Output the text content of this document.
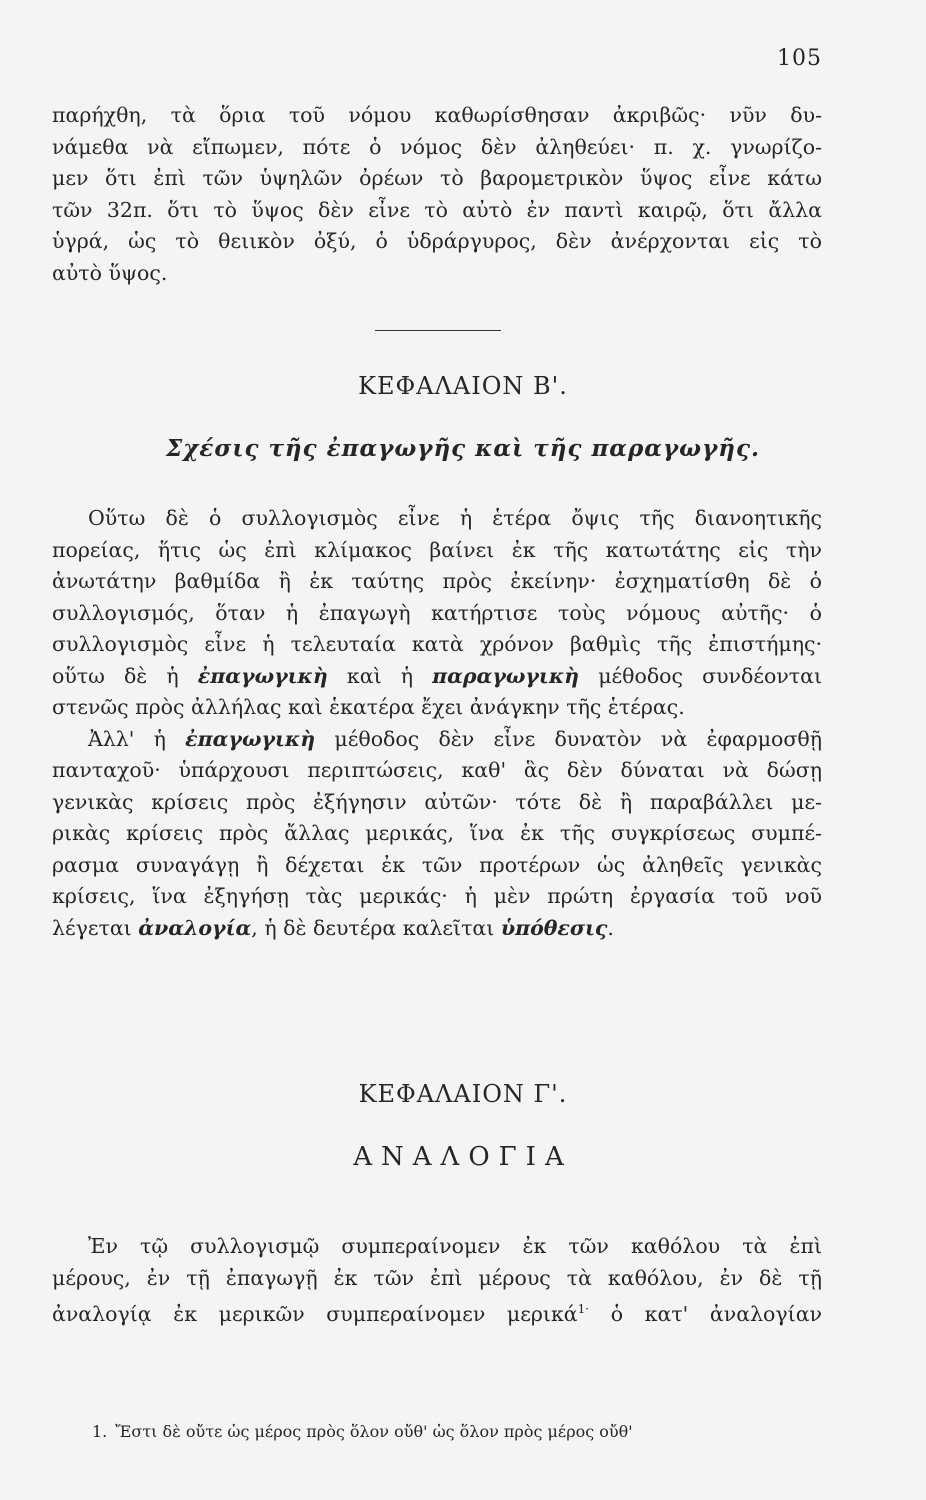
105
παρήχθη, τὰ ὅρια τοῦ νόμου καθωρίσθησαν ἀκριβῶς· νῦν δυ-
νάμεθα νὰ εἴπωμεν, πότε ὁ νόμος δὲν ἀληθεύει· π. χ. γνωρίζο-
μεν ὅτι ἐπὶ τῶν ὑψηλῶν ὀρέων τὸ βαρομετρικὸν ὕψος εἶνε κάτω
τῶν 32π. ὅτι τὸ ὕψος δὲν εἶνε τὸ αὐτὸ ἐν παντὶ καιρῷ, ὅτι ἄλλα
ὑγρά, ὡς τὸ θειικὸν ὀξύ, ὁ ὑδράργυρος, δὲν ἀνέρχονται εἰς τὸ
αὐτὸ ὕψος.
ΚΕΦΑΛΑΙΟΝ Β'.
Σχέσις τῆς ἐπαγωγῆς καὶ τῆς παραγωγῆς.
Οὕτω δὲ ὁ συλλογισμὸς εἶνε ἡ ἑτέρα ὄψις τῆς διανοητικῆς
πορείας, ἥτις ὡς ἐπὶ κλίμακος βαίνει ἐκ τῆς κατωτάτης εἰς τὴν
ἀνωτάτην βαθμίδα ἢ ἐκ ταύτης πρὸς ἐκείνην· ἐσχηματίσθη δὲ ὁ
συλλογισμός, ὅταν ἡ ἐπαγωγὴ κατήρτισε τοὺς νόμους αὐτῆς· ὁ
συλλογισμὸς εἶνε ἡ τελευταία κατὰ χρόνον βαθμὶς τῆς ἐπιστήμης·
οὕτω δὲ ἡ ἐπαγωγικὴ καὶ ἡ παραγωγικὴ μέθοδος συνδέονται
στενῶς πρὸς ἀλλήλας καὶ ἑκατέρα ἔχει ἀνάγκην τῆς ἑτέρας.
Ἀλλ' ἡ ἐπαγωγικὴ μέθοδος δὲν εἶνε δυνατὸν νὰ ἐφαρμοσθῇ
πανταχοῦ· ὑπάρχουσι περιπτώσεις, καθ' ἃς δὲν δύναται νὰ δώσῃ
γενικὰς κρίσεις πρὸς ἐξήγησιν αὐτῶν· τότε δὲ ἢ παραβάλλει με-
ρικὰς κρίσεις πρὸς ἄλλας μερικάς, ἵνα ἐκ τῆς συγκρίσεως συμπέ-
ρασμα συναγάγῃ ἢ δέχεται ἐκ τῶν προτέρων ὡς ἀληθεῖς γενικὰς
κρίσεις, ἵνα ἐξηγήσῃ τὰς μερικάς· ἡ μὲν πρώτη ἐργασία τοῦ νοῦ
λέγεται ἀναλογία, ἡ δὲ δευτέρα καλεῖται ὑπόθεσις.
ΚΕΦΑΛΑΙΟΝ Γ'.
ΑΝΑΛΟΓΙΑ
Ἐν τῷ συλλογισμῷ συμπεραίνομεν ἐκ τῶν καθόλου τὰ ἐπὶ
μέρους, ἐν τῇ ἐπαγωγῇ ἐκ τῶν ἐπὶ μέρους τὰ καθόλου, ἐν δὲ τῇ
ἀναλογίᾳ ἐκ μερικῶν συμπεραίνομεν μερικά$^{1\cdot}$ ὁ κατ' ἀναλογίαν
1. Ἔστι δὲ οὔτε ὡς μέρος πρὸς ὅλον οὔθ' ὡς ὅλον πρὸς μέρος οὔθ'
